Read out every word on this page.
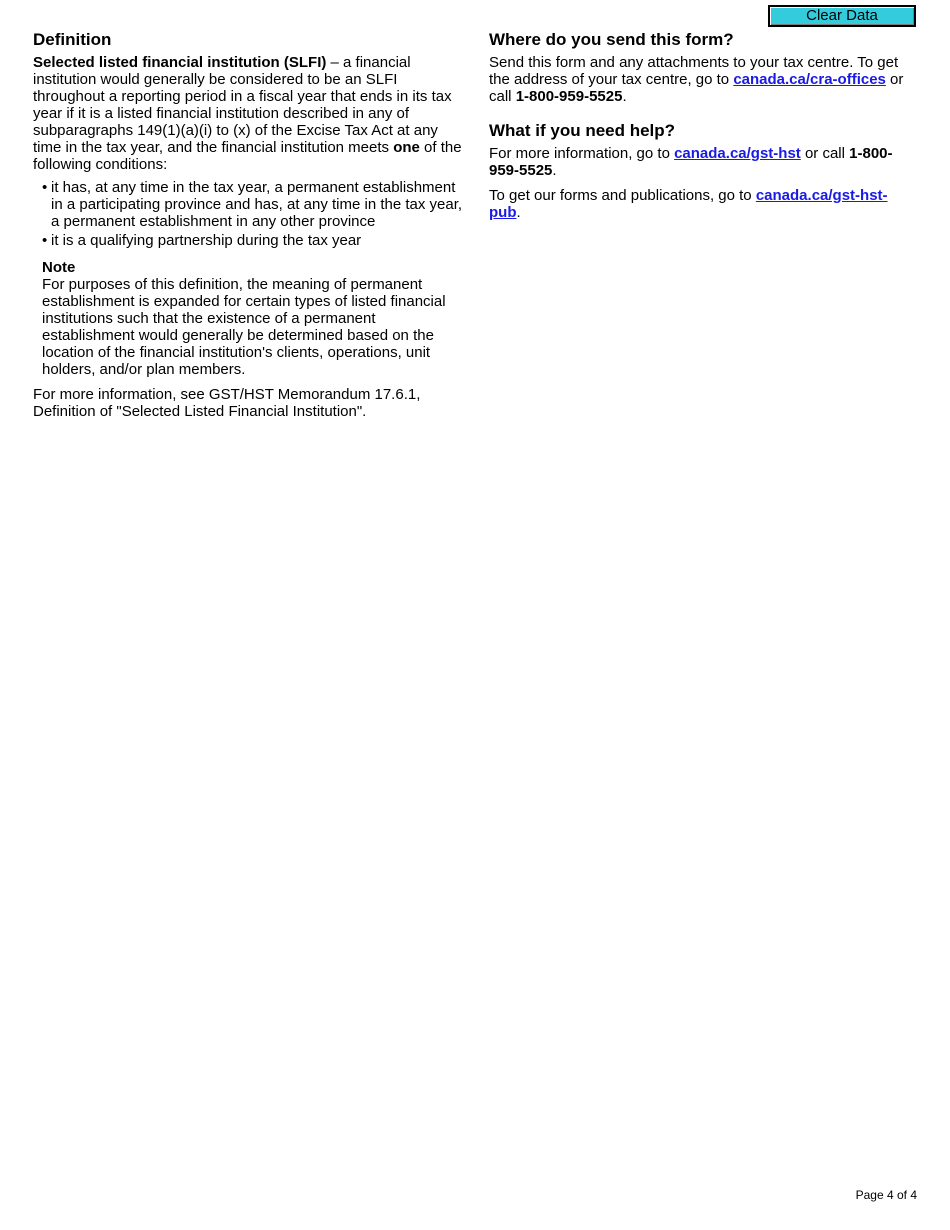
Clear Data
Definition

Selected listed financial institution (SLFI) – a financial institution would generally be considered to be an SLFI throughout a reporting period in a fiscal year that ends in its tax year if it is a listed financial institution described in any of subparagraphs 149(1)(a)(i) to (x) of the Excise Tax Act at any time in the tax year, and the financial institution meets one of the following conditions:

• it has, at any time in the tax year, a permanent establishment in a participating province and has, at any time in the tax year, a permanent establishment in any other province
• it is a qualifying partnership during the tax year
Note

For purposes of this definition, the meaning of permanent establishment is expanded for certain types of listed financial institutions such that the existence of a permanent establishment would generally be determined based on the location of the financial institution's clients, operations, unit holders, and/or plan members.

For more information, see GST/HST Memorandum 17.6.1, Definition of "Selected Listed Financial Institution".

Where do you send this form?

Send this form and any attachments to your tax centre. To get the address of your tax centre, go to canada.ca/cra-offices or call 1-800-959-5525.

What if you need help?

For more information, go to canada.ca/gst-hst or call 1-800-959-5525.

To get our forms and publications, go to canada.ca/gst-hst-pub.

Page 4 of 4
